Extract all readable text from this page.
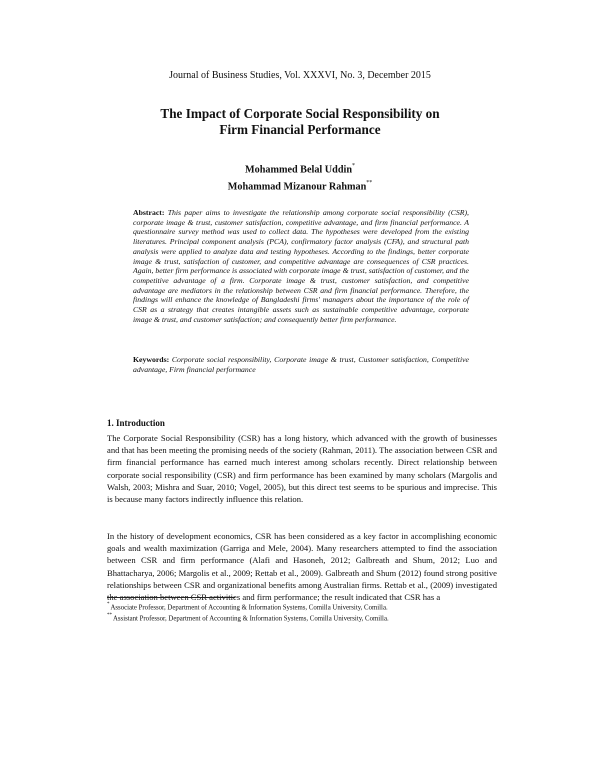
Journal of Business Studies, Vol. XXXVI, No. 3, December 2015
The Impact of Corporate Social Responsibility on
Firm Financial Performance
Mohammed Belal Uddin*
Mohammad Mizanour Rahman**
Abstract: This paper aims to investigate the relationship among corporate social responsibility (CSR), corporate image & trust, customer satisfaction, competitive advantage, and firm financial performance. A questionnaire survey method was used to collect data. The hypotheses were developed from the existing literatures. Principal component analysis (PCA), confirmatory factor analysis (CFA), and structural path analysis were applied to analyze data and testing hypotheses. According to the findings, better corporate image & trust, satisfaction of customer, and competitive advantage are consequences of CSR practices. Again, better firm performance is associated with corporate image & trust, satisfaction of customer, and the competitive advantage of a firm. Corporate image & trust, customer satisfaction, and competitive advantage are mediators in the relationship between CSR and firm financial performance. Therefore, the findings will enhance the knowledge of Bangladeshi firms' managers about the importance of the role of CSR as a strategy that creates intangible assets such as sustainable competitive advantage, corporate image & trust, and customer satisfaction; and consequently better firm performance.
Keywords: Corporate social responsibility, Corporate image & trust, Customer satisfaction, Competitive advantage, Firm financial performance
1. Introduction

The Corporate Social Responsibility (CSR) has a long history, which advanced with the growth of businesses and that has been meeting the promising needs of the society (Rahman, 2011). The association between CSR and firm financial performance has earned much interest among scholars recently. Direct relationship between corporate social responsibility (CSR) and firm performance has been examined by many scholars (Margolis and Walsh, 2003; Mishra and Suar, 2010; Vogel, 2005), but this direct test seems to be spurious and imprecise. This is because many factors indirectly influence this relation.

In the history of development economics, CSR has been considered as a key factor in accomplishing economic goals and wealth maximization (Garriga and Mele, 2004). Many researchers attempted to find the association between CSR and firm performance (Alafi and Hasoneh, 2012; Galbreath and Shum, 2012; Luo and Bhattacharya, 2006; Margolis et al., 2009; Rettab et al., 2009). Galbreath and Shum (2012) found strong positive relationships between CSR and organizational benefits among Australian firms. Rettab et al., (2009) investigated the association between CSR activities and firm performance; the result indicated that CSR has a

*Associate Professor, Department of Accounting & Information Systems, Comilla University, Comilla.
**Assistant Professor, Department of Accounting & Information Systems, Comilla University, Comilla.
